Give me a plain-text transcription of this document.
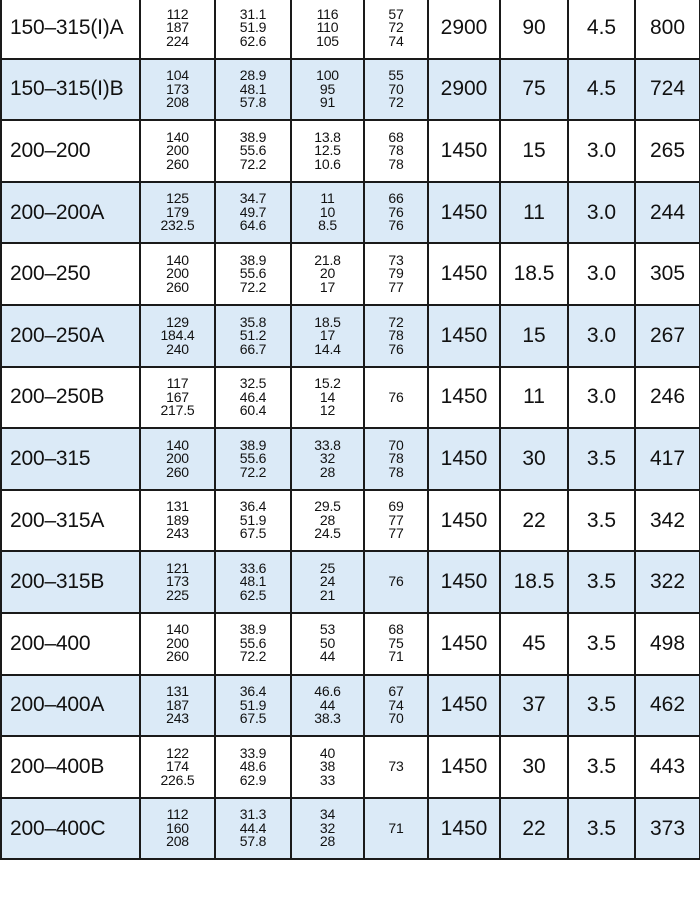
150–315(I)A	112
187
224	31.1
51.9
62.6	116
110
105	57
72
74	2900	90	4.5	800
150–315(I)B	104
173
208	28.9
48.1
57.8	100
95
91	55
70
72	2900	75	4.5	724
200–200	140
200
260	38.9
55.6
72.2	13.8
12.5
10.6	68
78
78	1450	15	3.0	265
200–200A	125
179
232.5	34.7
49.7
64.6	11
10
8.5	66
76
76	1450	11	3.0	244
200–250	140
200
260	38.9
55.6
72.2	21.8
20
17	73
79
77	1450	18.5	3.0	305
200–250A	129
184.4
240	35.8
51.2
66.7	18.5
17
14.4	72
78
76	1450	15	3.0	267
200–250B	117
167
217.5	32.5
46.4
60.4	15.2
14
12	76	1450	11	3.0	246
200–315	140
200
260	38.9
55.6
72.2	33.8
32
28	70
78
78	1450	30	3.5	417
200–315A	131
189
243	36.4
51.9
67.5	29.5
28
24.5	69
77
77	1450	22	3.5	342
200–315B	121
173
225	33.6
48.1
62.5	25
24
21	76	1450	18.5	3.5	322
200–400	140
200
260	38.9
55.6
72.2	53
50
44	68
75
71	1450	45	3.5	498
200–400A	131
187
243	36.4
51.9
67.5	46.6
44
38.3	67
74
70	1450	37	3.5	462
200–400B	122
174
226.5	33.9
48.6
62.9	40
38
33	73	1450	30	3.5	443
200–400C	112
160
208	31.3
44.4
57.8	34
32
28	71	1450	22	3.5	373
